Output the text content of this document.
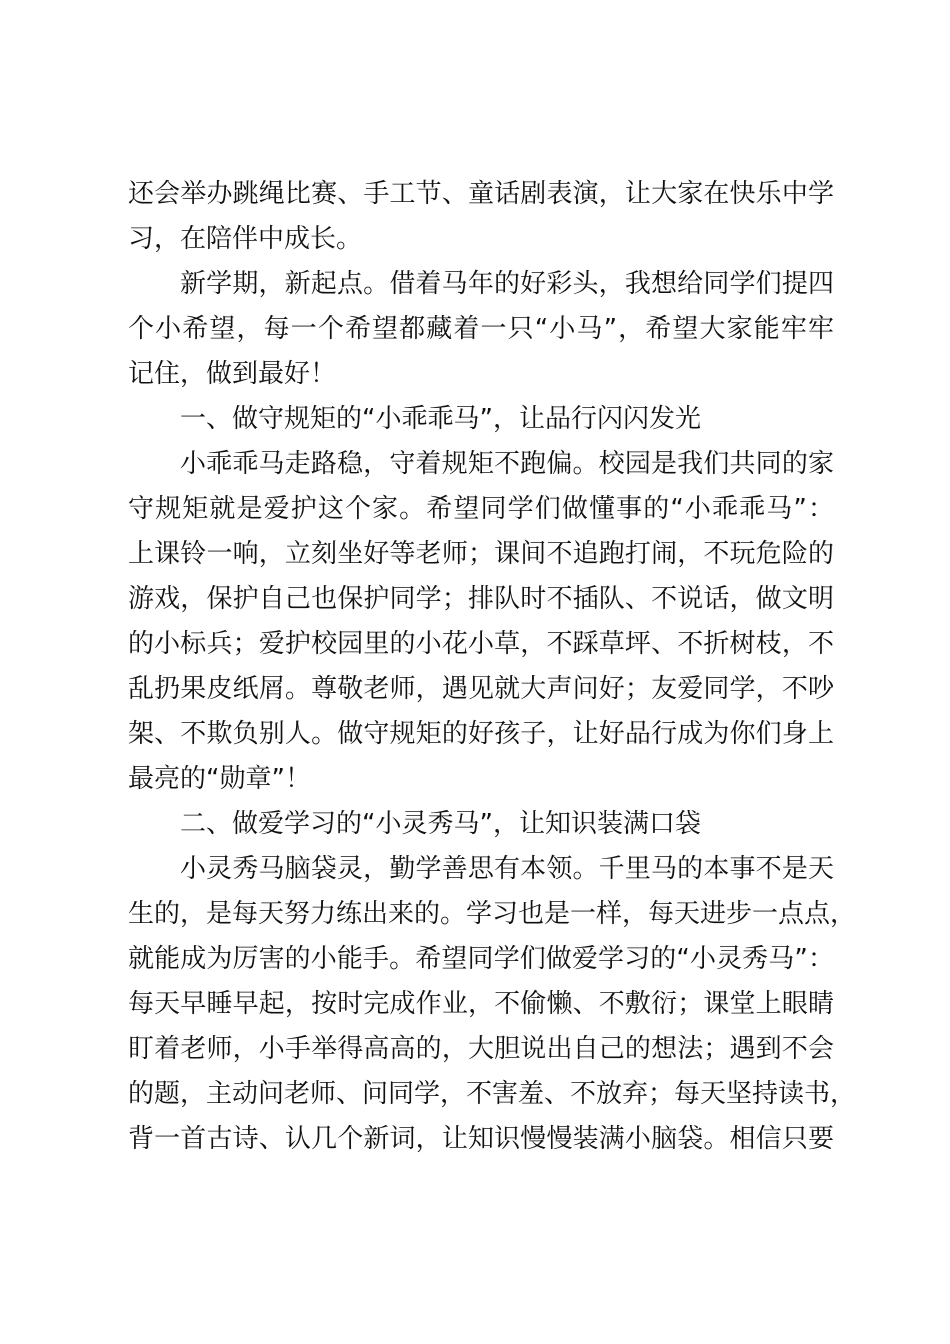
还会举办跳绳比赛、手工节、童话剧表演，让大家在快乐中学
习，在陪伴中成长。
新学期，新起点。借着马年的好彩头，我想给同学们提四
个小希望，每一个希望都藏着一只“小马”，希望大家能牢牢
记住，做到最好！
一、做守规矩的“小乖乖马”，让品行闪闪发光
小乖乖马走路稳，守着规矩不跑偏。校园是我们共同的家
守规矩就是爱护这个家。希望同学们做懂事的“小乖乖马”：
上课铃一响，立刻坐好等老师；课间不追跑打闹，不玩危险的
游戏，保护自己也保护同学；排队时不插队、不说话，做文明
的小标兵；爱护校园里的小花小草，不踩草坪、不折树枝，不
乱扔果皮纸屑。尊敬老师，遇见就大声问好；友爱同学，不吵
架、不欺负别人。做守规矩的好孩子，让好品行成为你们身上
最亮的“勋章”！
二、做爱学习的“小灵秀马”，让知识装满口袋
小灵秀马脑袋灵，勤学善思有本领。千里马的本事不是天
生的，是每天努力练出来的。学习也是一样，每天进步一点点，
就能成为厉害的小能手。希望同学们做爱学习的“小灵秀马”：
每天早睡早起，按时完成作业，不偷懒、不敷衍；课堂上眼睛
盯着老师，小手举得高高的，大胆说出自己的想法；遇到不会
的题，主动问老师、问同学，不害羞、不放弃；每天坚持读书，
背一首古诗、认几个新词，让知识慢慢装满小脑袋。相信只要
